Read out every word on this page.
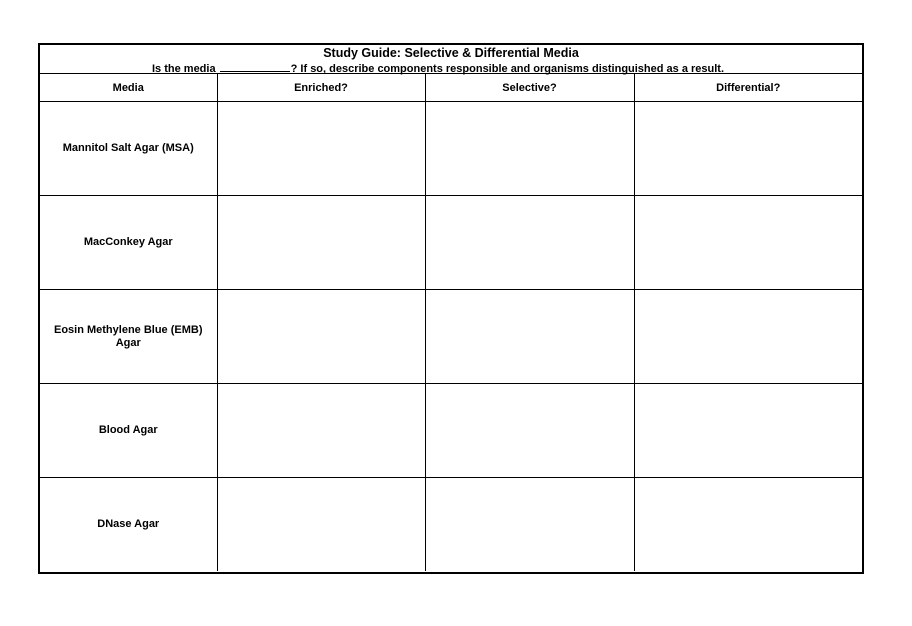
Study Guide: Selective & Differential Media
Is the media	? If so, describe components responsible and organisms distinguished as a result.
Media	Enriched?	Selective?	Differential?

Mannitol Salt Agar (MSA)			

MacConkey Agar			

Eosin Methylene Blue (EMB) Agar			

Blood Agar			

DNase Agar			
